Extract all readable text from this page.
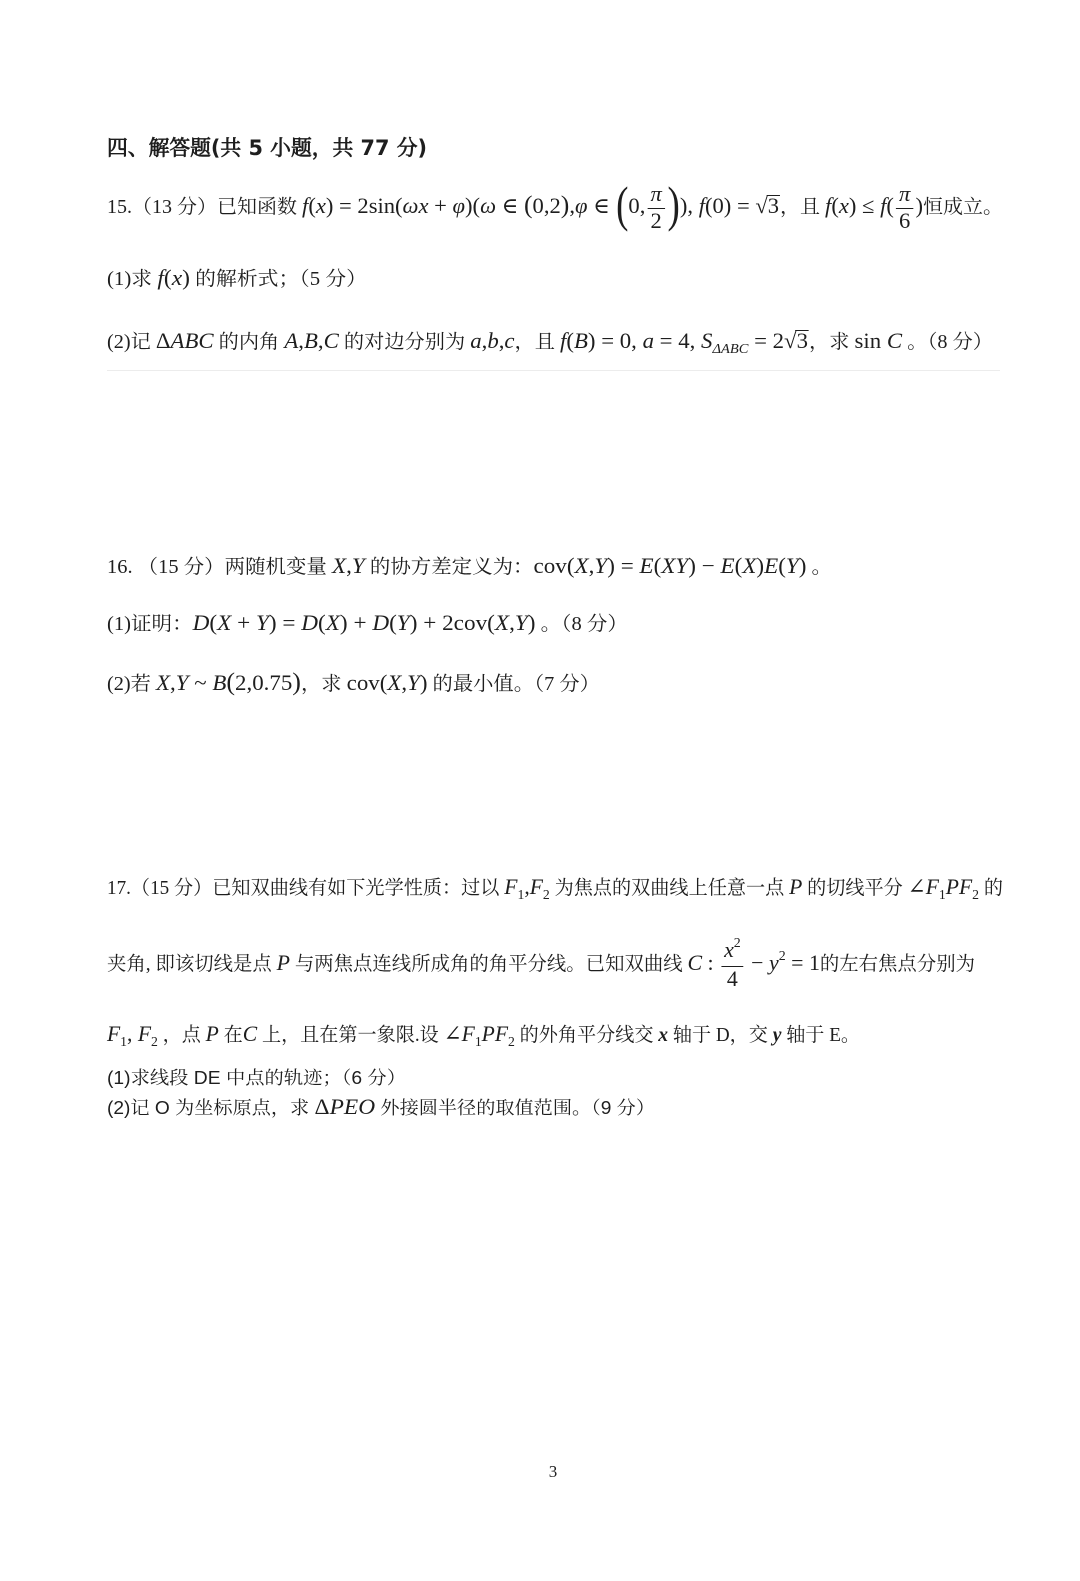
四、解答题(共 5 小题，共 77 分)
15.（13 分）已知函数 f(x) = 2sin(ωx + φ)(ω ∈ (0,2),φ ∈ (0, $\frac{\pi}{2}$ )), f(0) = √3，且 $f(x) \le f( \frac{\pi}{6}$ )恒成立。
(1)求 f(x) 的解析式；（5 分）
(2)记 ΔABC 的内角 A,B,C 的对边分别为 a,b,c，且 f(B) = 0, a = 4, $S_{\Delta ABC} = 2√3$，求 sin C 。（8 分）
16. （15 分）两随机变量 X,Y 的协方差定义为：cov(X,Y) = E(XY) − E(X)E(Y) 。
(1)证明：D(X + Y) = D(X) + D(Y) + 2cov(X,Y) 。（8 分）
(2)若 X,Y ~ B(2,0.75)，求 cov(X,Y) 的最小值。（7 分）
17.（15 分）已知双曲线有如下光学性质：过以 $F_1,F_2$ 为焦点的双曲线上任意一点 P 的切线平分 $\angle F_1PF_2$ 的
夹角, 即该切线是点 P 与两焦点连线所成角的角平分线。已知双曲线 C : $\frac{x^2}{4} - y^2 = 1$的左右焦点分别为
$F_1$, $F_2$ ，点 P 在C 上，且在第一象限.设 $\angle F_1PF_2$ 的外角平分线交 x 轴于 D，交 y 轴于 E。
(1)求线段 DE 中点的轨迹；（6 分）
(2)记 O 为坐标原点，求 ΔPEO 外接圆半径的取值范围。（9 分）
3
